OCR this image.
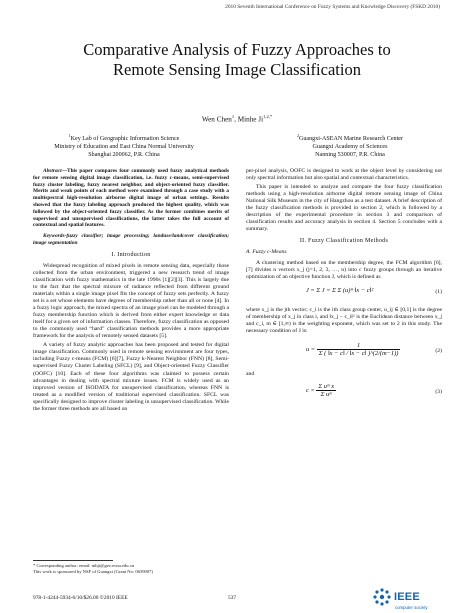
2010 Seventh International Conference on Fuzzy Systems and Knowledge Discovery (FSKD 2010)
Comparative Analysis of Fuzzy Approaches to
Remote Sensing Image Classification
Wen Chen$^1$, Minhe $Ji^{1,2,*}$
$^1$Key Lab of Geographic Information Science
Ministry of Education and East China Normal University
Shanghai 200062, P.R. China
$^2$Guangxi-ASEAN Marine Research Center
Guangxi Academy of Sciences
Nanning 530007, P.R. China

Abstract—This paper compares four commonly used fuzzy analytical methods for remote sensing digital image classification, i.e. fuzzy c-means, semi-supervised fuzzy cluster labeling, fuzzy nearest neighbor, and object-oriented fuzzy classifier. Merits and weak points of each method were examined through a case study with a multispectral high-resolution airborne digital image of urban settings. Results showed that the fuzzy labeling approach produced the highest quality, which was followed by the object-oriented fuzzy classifier. As the former combines merits of supervised and unsupervised classifications, the latter takes the full account of contextual and spatial features.

Keywords-fuzzy classifier; image processing; landuse/landcover classification; image segmentation

I. Introduction

Widespread recognition of mixed pixels in remote sensing data, especially those collected from the urban environment, triggered a new research trend of image classification with fuzzy mathematics in the late 1990s [1][2][3]. This is largely due to the fact that the spectral mixture of radiance reflected from different ground materials within a single image pixel fits the concept of fuzzy sets perfectly. A fuzzy set is a set whose elements have degrees of membership rather than all or none [4]. In a fuzzy logic approach, the mixed spectra of an image pixel can be modeled through a fuzzy membership function which is derived from either expert knowledge or data itself for a given set of information classes. Therefore, fuzzy classification as opposed to the commonly used “hard” classification methods provides a more appropriate framework for the analysis of remotely sensed datasets [5].

A variety of fuzzy analytic approaches has been proposed and tested for digital image classification. Commonly used in remote sensing environment are four types, including Fuzzy c-means (FCM) [6][7], Fuzzy k-Nearest Neighbor (FNN) [8], Semi-supervised Fuzzy Cluster Labeling (SFCL) [9], and Object-oriented Fuzzy Classifier (OOFC) [10]. Each of these four algorithms was claimed to possess certain advantages in dealing with spectral mixture issues. FCM is widely used as an improved version of ISODATA for unsupervised classification, whereas FNN is treated as a modified version of traditional supervised classification. SFCL was specifically designed to improve cluster labeling in unsupervised classification. While the former three methods are all based on

per-pixel analysis, OOFC is designed to work at the object level by considering not only spectral information but also spatial and contextual characteristics.

This paper is intended to analyze and compare the four fuzzy classification methods using a high-resolution airborne digital remote sensing image of China National Silk Museum in the city of Hangzhou as a test dataset. A brief description of the fuzzy classification methods is provided in section 2, which is followed by a description of the experimental procedure in section 3 and comparison of classification results and accuracy analysis in section 4. Section 5 concludes with a summary.

II. Fuzzy Classification Methods

A. Fuzzy c-Means

A clustering method based on the membership degree, the FCM algorithm [6], [7] divides n vectors x_j (j=1, 2, 3, …, n) into c fuzzy groups through an iterative optimization of an objective function J, which is defined as

J = Σ J = Σ Σ (u)ᵐ ‖x − c‖²	(1)

where x_j is the jth vector; c_i is the ith class group center, u_ij ∈ [0,1] is the degree of membership of x_j in class i, and ‖x_j − c_i‖² is the Euclidean distance between x_j and c_i, m ∈ [1,∞) is the weighting exponent, which was set to 2 in this study. The necessary condition of J is:

$u = \frac{1}{\Sigma ( ‖x - c‖ / ‖x - c‖ )\^{}(2/(m-1))}$	(2)

and

$c = \frac{\text{Σ uᵐ x}}{\text{Σ uᵐ}}$	(3)
* Corresponding author; email: mhji@geo.ecnu.edu.cn
This work is sponsored by NSF of Guangxi (Grant No: 0639007)
978-1-4244-5934-6/10/$26.00 ©2010 IEEE	537	IEEE
computer society
